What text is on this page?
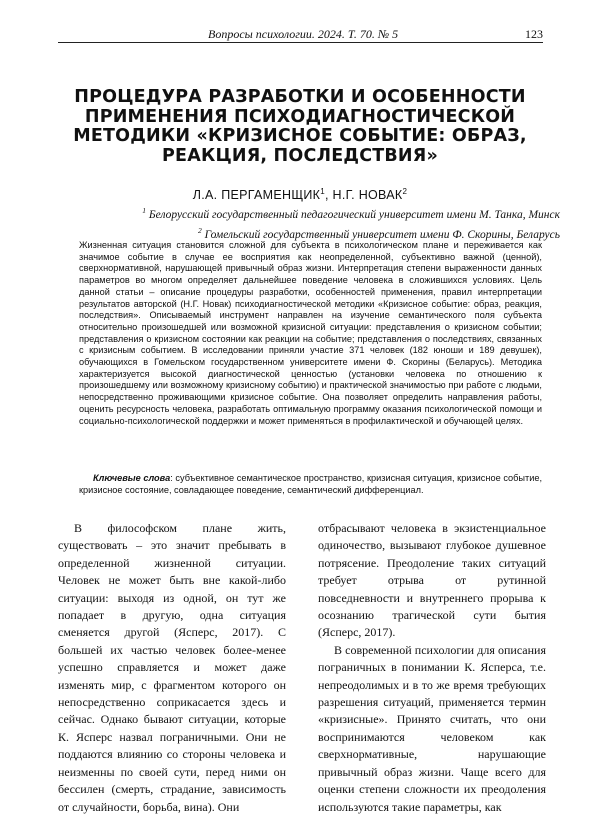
Вопросы психологии. 2024. Т. 70. № 5	123
ПРОЦЕДУРА РАЗРАБОТКИ И ОСОБЕННОСТИ ПРИМЕНЕНИЯ ПСИХОДИАГНОСТИЧЕСКОЙ МЕТОДИКИ «КРИЗИСНОЕ СОБЫТИЕ: ОБРАЗ, РЕАКЦИЯ, ПОСЛЕДСТВИЯ»
Л.А. ПЕРГАМЕНЩИК$^1$, Н.Г. НОВАК$^2$
$^1$ Белорусский государственный педагогический университет имени М. Танка, Минск
$^2$ Гомельский государственный университет имени Ф. Скорины, Беларусь

Жизненная ситуация становится сложной для субъекта в психологическом плане и переживается как значимое событие в случае ее восприятия как неопределенной, субъективно важной (ценной), сверхнормативной, нарушающей привычный образ жизни. Интерпретация степени выраженности данных параметров во многом определяет дальнейшее поведение человека в сложившихся условиях. Цель данной статьи – описание процедуры разработки, особенностей применения, правил интерпретации результатов авторской (Н.Г. Новак) психодиагностической методики «Кризисное событие: образ, реакция, последствия». Описываемый инструмент направлен на изучение семантического поля субъекта относительно произошедшей или возможной кризисной ситуации: представления о кризисном событии; представления о кризисном состоянии как реакции на событие; представления о последствиях, связанных с кризисным событием. В исследовании приняли участие 371 человек (182 юноши и 189 девушек), обучающихся в Гомельском государственном университете имени Ф. Скорины (Беларусь). Методика характеризуется высокой диагностической ценностью (установки человека по отношению к произошедшему или возможному кризисному событию) и практической значимостью при работе с людьми, непосредственно проживающими кризисное событие. Она позволяет определить направления работы, оценить ресурсность человека, разработать оптимальную программу оказания психологической помощи и социально-психологической поддержки и может применяться в профилактической и обучающей целях.

Ключевые слова: субъективное семантическое пространство, кризисная ситуация, кризисное событие, кризисное состояние, совладающее поведение, семантический дифференциал.

В философском плане жить, существовать – это значит пребывать в определенной жизненной ситуации. Человек не может быть вне какой-либо ситуации: выходя из одной, он тут же попадает в другую, одна ситуация сменяется другой (Ясперс, 2017). С большей их частью человек более-менее успешно справляется и может даже изменять мир, с фрагментом которого он непосредственно соприкасается здесь и сейчас. Однако бывают ситуации, которые К. Ясперс назвал пограничными. Они не поддаются влиянию со стороны человека и неизменны по своей сути, перед ними он бессилен (смерть, страдание, зависимость от случайности, борьба, вина). Они

отбрасывают человека в экзистенциальное одиночество, вызывают глубокое душевное потрясение. Преодоление таких ситуаций требует отрыва от рутинной повседневности и внутреннего прорыва к осознанию трагической сути бытия (Ясперс, 2017).

В современной психологии для описания пограничных в понимании К. Ясперса, т.е. непреодолимых и в то же время требующих разрешения ситуаций, применяется термин «кризисные». Принято считать, что они воспринимаются человеком как сверхнормативные, нарушающие привычный образ жизни. Чаще всего для оценки степени сложности их преодоления используются такие параметры, как
